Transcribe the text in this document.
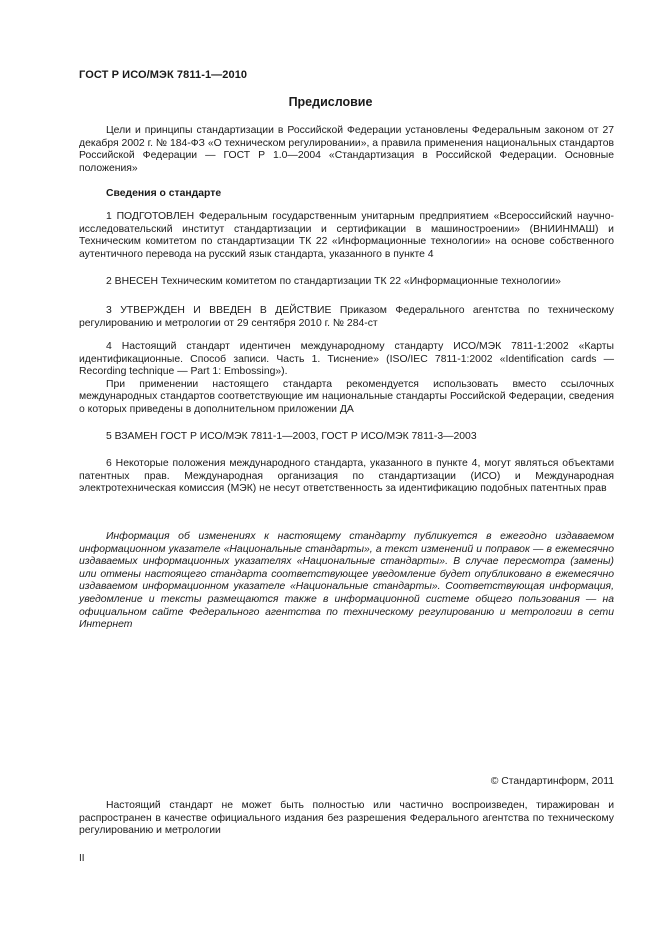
ГОСТ Р ИСО/МЭК 7811-1—2010
Предисловие

Цели и принципы стандартизации в Российской Федерации установлены Федеральным законом от 27 декабря 2002 г. № 184-ФЗ «О техническом регулировании», а правила применения национальных стандартов Российской Федерации — ГОСТ Р 1.0—2004 «Стандартизация в Российской Федерации. Основные положения»

Сведения о стандарте

1 ПОДГОТОВЛЕН Федеральным государственным унитарным предприятием «Всероссийский научно-исследовательский институт стандартизации и сертификации в машиностроении» (ВНИИНМАШ) и Техническим комитетом по стандартизации ТК 22 «Информационные технологии» на основе собственного аутентичного перевода на русский язык стандарта, указанного в пункте 4

2 ВНЕСЕН Техническим комитетом по стандартизации ТК 22 «Информационные технологии»

3 УТВЕРЖДЕН И ВВЕДЕН В ДЕЙСТВИЕ Приказом Федерального агентства по техническому регулированию и метрологии от 29 сентября 2010 г. № 284-ст

4 Настоящий стандарт идентичен международному стандарту ИСО/МЭК 7811-1:2002 «Карты идентификационные. Способ записи. Часть 1. Тиснение» (ISO/IEC 7811-1:2002 «Identification cards — Recording technique — Part 1: Embossing»).

При применении настоящего стандарта рекомендуется использовать вместо ссылочных международных стандартов соответствующие им национальные стандарты Российской Федерации, сведения о которых приведены в дополнительном приложении ДА

5 ВЗАМЕН ГОСТ Р ИСО/МЭК 7811-1—2003, ГОСТ Р ИСО/МЭК 7811-3—2003

6 Некоторые положения международного стандарта, указанного в пункте 4, могут являться объектами патентных прав. Международная организация по стандартизации (ИСО) и Международная электротехническая комиссия (МЭК) не несут ответственность за идентификацию подобных патентных прав

Информация об изменениях к настоящему стандарту публикуется в ежегодно издаваемом информационном указателе «Национальные стандарты», а текст изменений и поправок — в ежемесячно издаваемых информационных указателях «Национальные стандарты». В случае пересмотра (замены) или отмены настоящего стандарта соответствующее уведомление будет опубликовано в ежемесячно издаваемом информационном указателе «Национальные стандарты». Соответствующая информация, уведомление и тексты размещаются также в информационной системе общего пользования — на официальном сайте Федерального агентства по техническому регулированию и метрологии в сети Интернет

© Стандартинформ, 2011

Настоящий стандарт не может быть полностью или частично воспроизведен, тиражирован и распространен в качестве официального издания без разрешения Федерального агентства по техническому регулированию и метрологии

II
